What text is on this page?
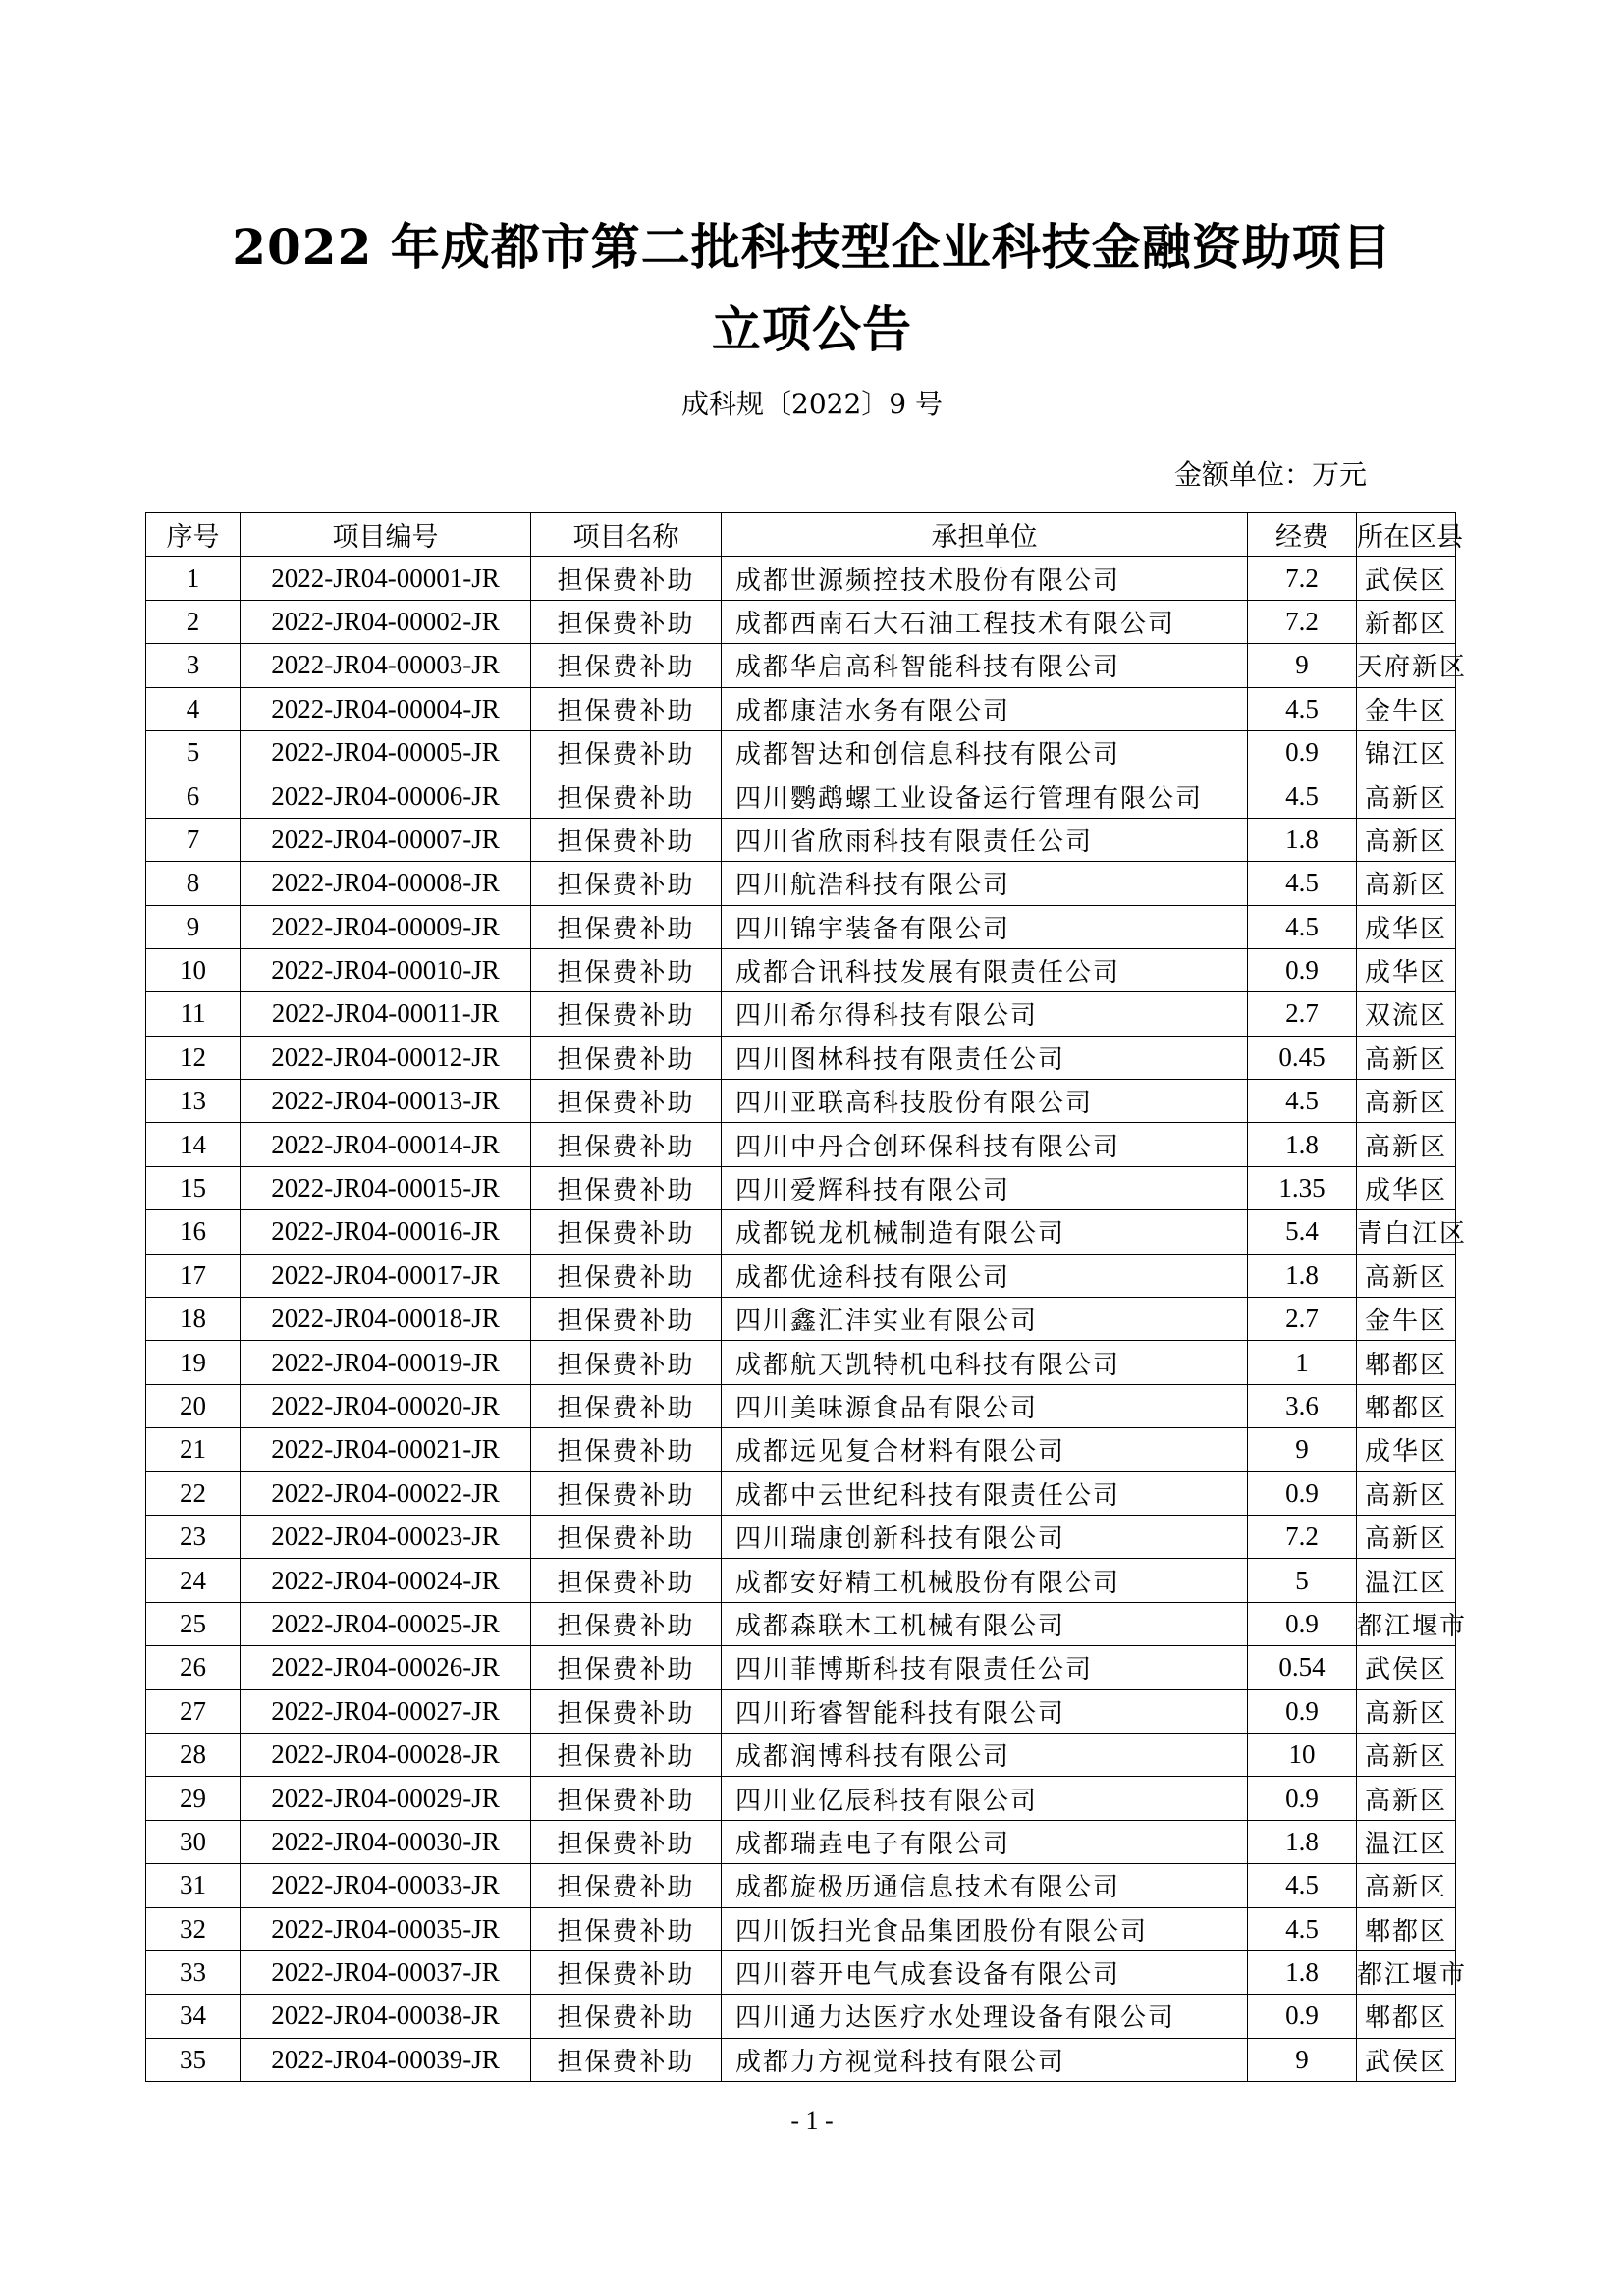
2022 年成都市第二批科技型企业科技金融资助项目
立项公告
成科规〔2022〕9 号
金额单位：万元
序号	项目编号	项目名称	承担单位	经费	所在区县
1	2022-JR04-00001-JR	担保费补助	成都世源频控技术股份有限公司	7.2	武侯区
2	2022-JR04-00002-JR	担保费补助	成都西南石大石油工程技术有限公司	7.2	新都区
3	2022-JR04-00003-JR	担保费补助	成都华启高科智能科技有限公司	9	天府新区
4	2022-JR04-00004-JR	担保费补助	成都康洁水务有限公司	4.5	金牛区
5	2022-JR04-00005-JR	担保费补助	成都智达和创信息科技有限公司	0.9	锦江区
6	2022-JR04-00006-JR	担保费补助	四川鹦鹉螺工业设备运行管理有限公司	4.5	高新区
7	2022-JR04-00007-JR	担保费补助	四川省欣雨科技有限责任公司	1.8	高新区
8	2022-JR04-00008-JR	担保费补助	四川航浩科技有限公司	4.5	高新区
9	2022-JR04-00009-JR	担保费补助	四川锦宇装备有限公司	4.5	成华区
10	2022-JR04-00010-JR	担保费补助	成都合讯科技发展有限责任公司	0.9	成华区
11	2022-JR04-00011-JR	担保费补助	四川希尔得科技有限公司	2.7	双流区
12	2022-JR04-00012-JR	担保费补助	四川图林科技有限责任公司	0.45	高新区
13	2022-JR04-00013-JR	担保费补助	四川亚联高科技股份有限公司	4.5	高新区
14	2022-JR04-00014-JR	担保费补助	四川中丹合创环保科技有限公司	1.8	高新区
15	2022-JR04-00015-JR	担保费补助	四川爱辉科技有限公司	1.35	成华区
16	2022-JR04-00016-JR	担保费补助	成都锐龙机械制造有限公司	5.4	青白江区
17	2022-JR04-00017-JR	担保费补助	成都优途科技有限公司	1.8	高新区
18	2022-JR04-00018-JR	担保费补助	四川鑫汇沣实业有限公司	2.7	金牛区
19	2022-JR04-00019-JR	担保费补助	成都航天凯特机电科技有限公司	1	郫都区
20	2022-JR04-00020-JR	担保费补助	四川美味源食品有限公司	3.6	郫都区
21	2022-JR04-00021-JR	担保费补助	成都远见复合材料有限公司	9	成华区
22	2022-JR04-00022-JR	担保费补助	成都中云世纪科技有限责任公司	0.9	高新区
23	2022-JR04-00023-JR	担保费补助	四川瑞康创新科技有限公司	7.2	高新区
24	2022-JR04-00024-JR	担保费补助	成都安好精工机械股份有限公司	5	温江区
25	2022-JR04-00025-JR	担保费补助	成都森联木工机械有限公司	0.9	都江堰市
26	2022-JR04-00026-JR	担保费补助	四川菲博斯科技有限责任公司	0.54	武侯区
27	2022-JR04-00027-JR	担保费补助	四川珩睿智能科技有限公司	0.9	高新区
28	2022-JR04-00028-JR	担保费补助	成都润博科技有限公司	10	高新区
29	2022-JR04-00029-JR	担保费补助	四川业亿辰科技有限公司	0.9	高新区
30	2022-JR04-00030-JR	担保费补助	成都瑞垚电子有限公司	1.8	温江区
31	2022-JR04-00033-JR	担保费补助	成都旋极历通信息技术有限公司	4.5	高新区
32	2022-JR04-00035-JR	担保费补助	四川饭扫光食品集团股份有限公司	4.5	郫都区
33	2022-JR04-00037-JR	担保费补助	四川蓉开电气成套设备有限公司	1.8	都江堰市
34	2022-JR04-00038-JR	担保费补助	四川通力达医疗水处理设备有限公司	0.9	郫都区
35	2022-JR04-00039-JR	担保费补助	成都力方视觉科技有限公司	9	武侯区
- 1 -
